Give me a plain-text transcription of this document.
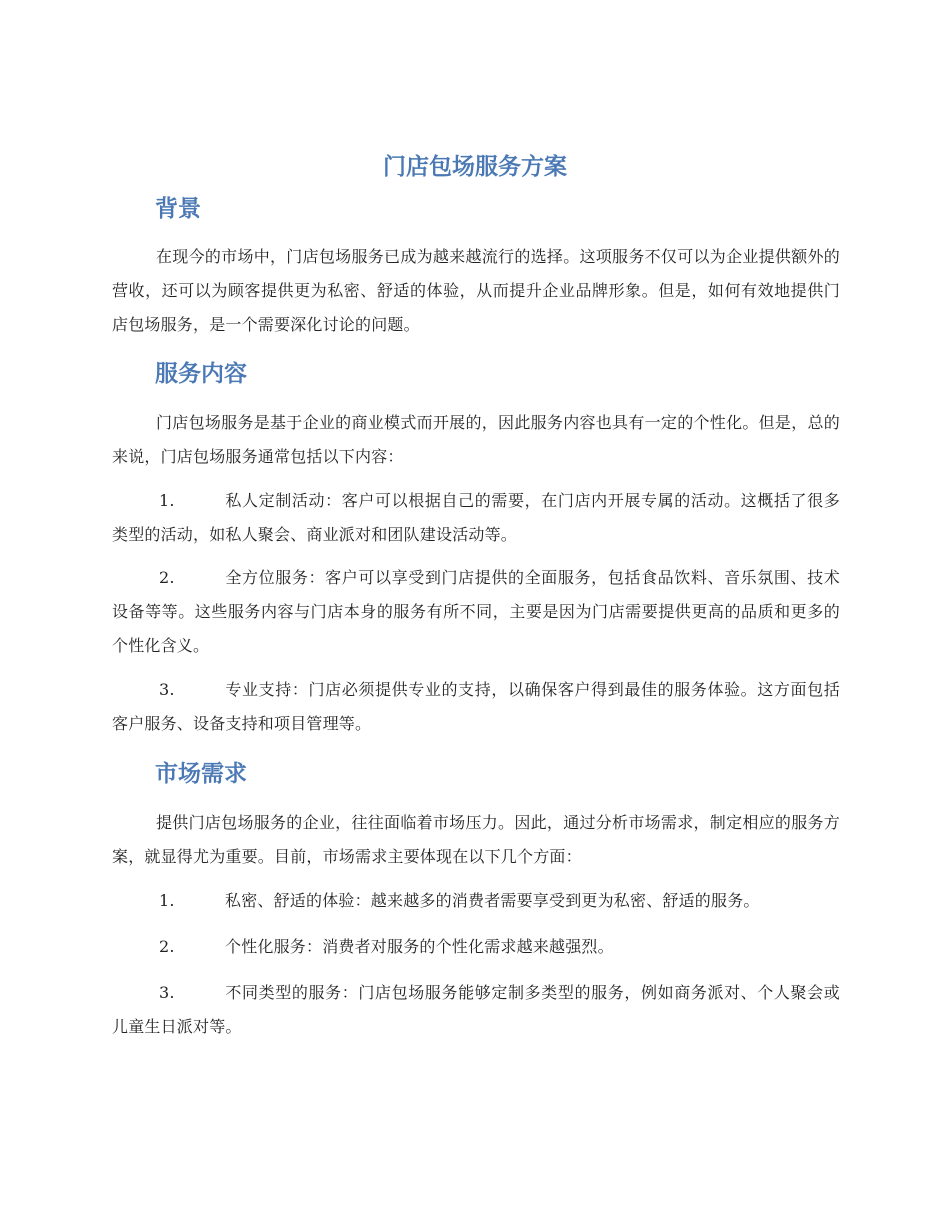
门店包场服务方案
背景

在现今的市场中，门店包场服务已成为越来越流行的选择。这项服务不仅可以为企业提供额外的营收，还可以为顾客提供更为私密、舒适的体验，从而提升企业品牌形象。但是，如何有效地提供门店包场服务，是一个需要深化讨论的问题。

服务内容

门店包场服务是基于企业的商业模式而开展的，因此服务内容也具有一定的个性化。但是，总的来说，门店包场服务通常包括以下内容：

1.	私人定制活动：客户可以根据自己的需要，在门店内开展专属的活动。这概括了很多类型的活动，如私人聚会、商业派对和团队建设活动等。

2.	全方位服务：客户可以享受到门店提供的全面服务，包括食品饮料、音乐氛围、技术设备等等。这些服务内容与门店本身的服务有所不同，主要是因为门店需要提供更高的品质和更多的个性化含义。

3.	专业支持：门店必须提供专业的支持，以确保客户得到最佳的服务体验。这方面包括客户服务、设备支持和项目管理等。

市场需求

提供门店包场服务的企业，往往面临着市场压力。因此，通过分析市场需求，制定相应的服务方案，就显得尤为重要。目前，市场需求主要体现在以下几个方面：

1.	私密、舒适的体验：越来越多的消费者需要享受到更为私密、舒适的服务。

2.	个性化服务：消费者对服务的个性化需求越来越强烈。

3.	不同类型的服务：门店包场服务能够定制多类型的服务，例如商务派对、个人聚会或儿童生日派对等。
